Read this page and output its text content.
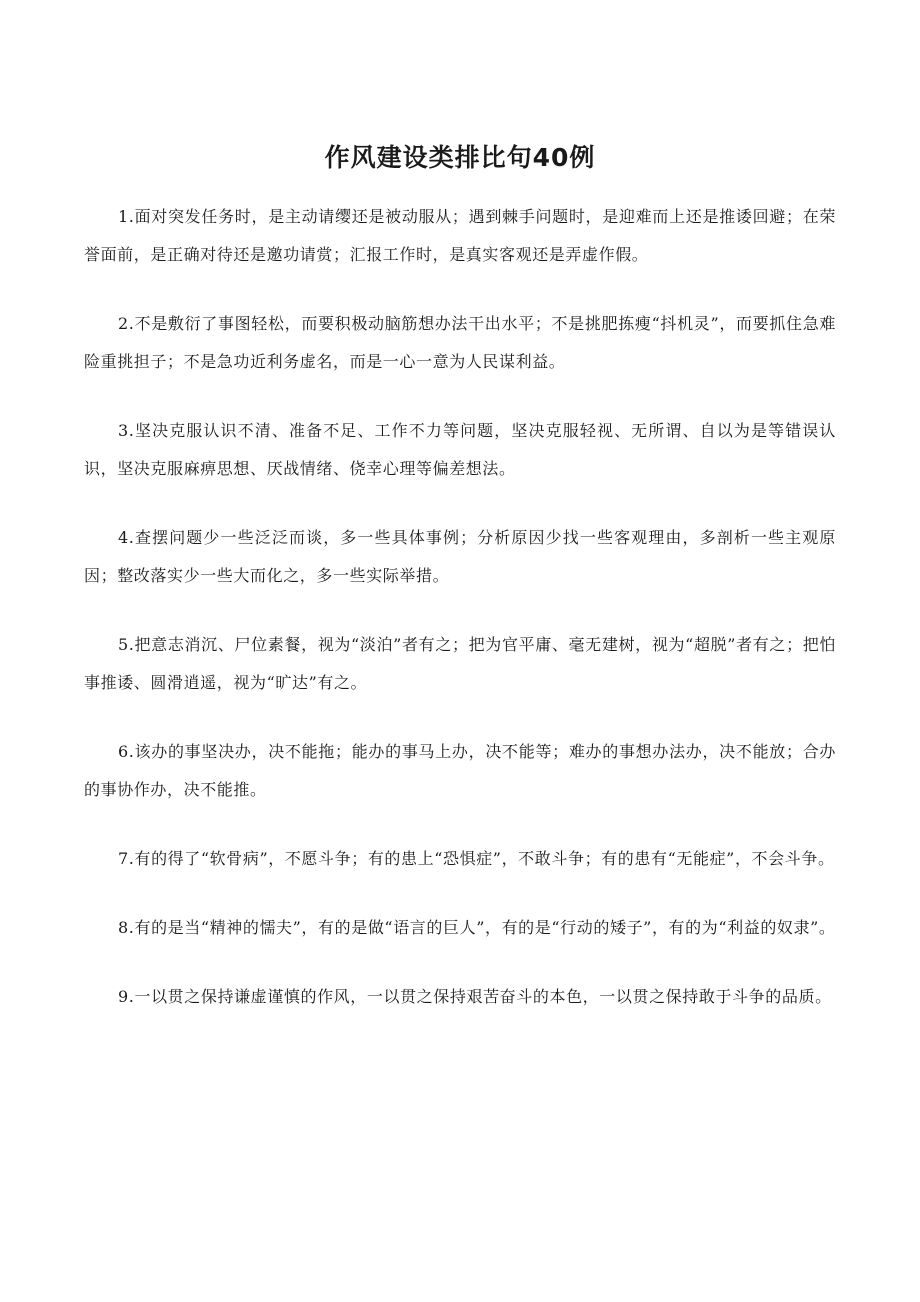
作风建设类排比句40例

1.面对突发任务时，是主动请缨还是被动服从；遇到棘手问题时，是迎难而上还是推诿回避；在荣誉面前，是正确对待还是邀功请赏；汇报工作时，是真实客观还是弄虚作假。

2.不是敷衍了事图轻松，而要积极动脑筋想办法干出水平；不是挑肥拣瘦“抖机灵”，而要抓住急难险重挑担子；不是急功近利务虚名，而是一心一意为人民谋利益。

3.坚决克服认识不清、准备不足、工作不力等问题，坚决克服轻视、无所谓、自以为是等错误认识，坚决克服麻痹思想、厌战情绪、侥幸心理等偏差想法。

4.查摆问题少一些泛泛而谈，多一些具体事例；分析原因少找一些客观理由，多剖析一些主观原因；整改落实少一些大而化之，多一些实际举措。

5.把意志消沉、尸位素餐，视为“淡泊”者有之；把为官平庸、毫无建树，视为“超脱”者有之；把怕事推诿、圆滑逍遥，视为“旷达”有之。

6.该办的事坚决办，决不能拖；能办的事马上办，决不能等；难办的事想办法办，决不能放；合办的事协作办，决不能推。

7.有的得了“软骨病”，不愿斗争；有的患上“恐惧症”，不敢斗争；有的患有“无能症”，不会斗争。

8.有的是当“精神的懦夫”，有的是做“语言的巨人”，有的是“行动的矮子”，有的为“利益的奴隶”。

9.一以贯之保持谦虚谨慎的作风，一以贯之保持艰苦奋斗的本色，一以贯之保持敢于斗争的品质。
